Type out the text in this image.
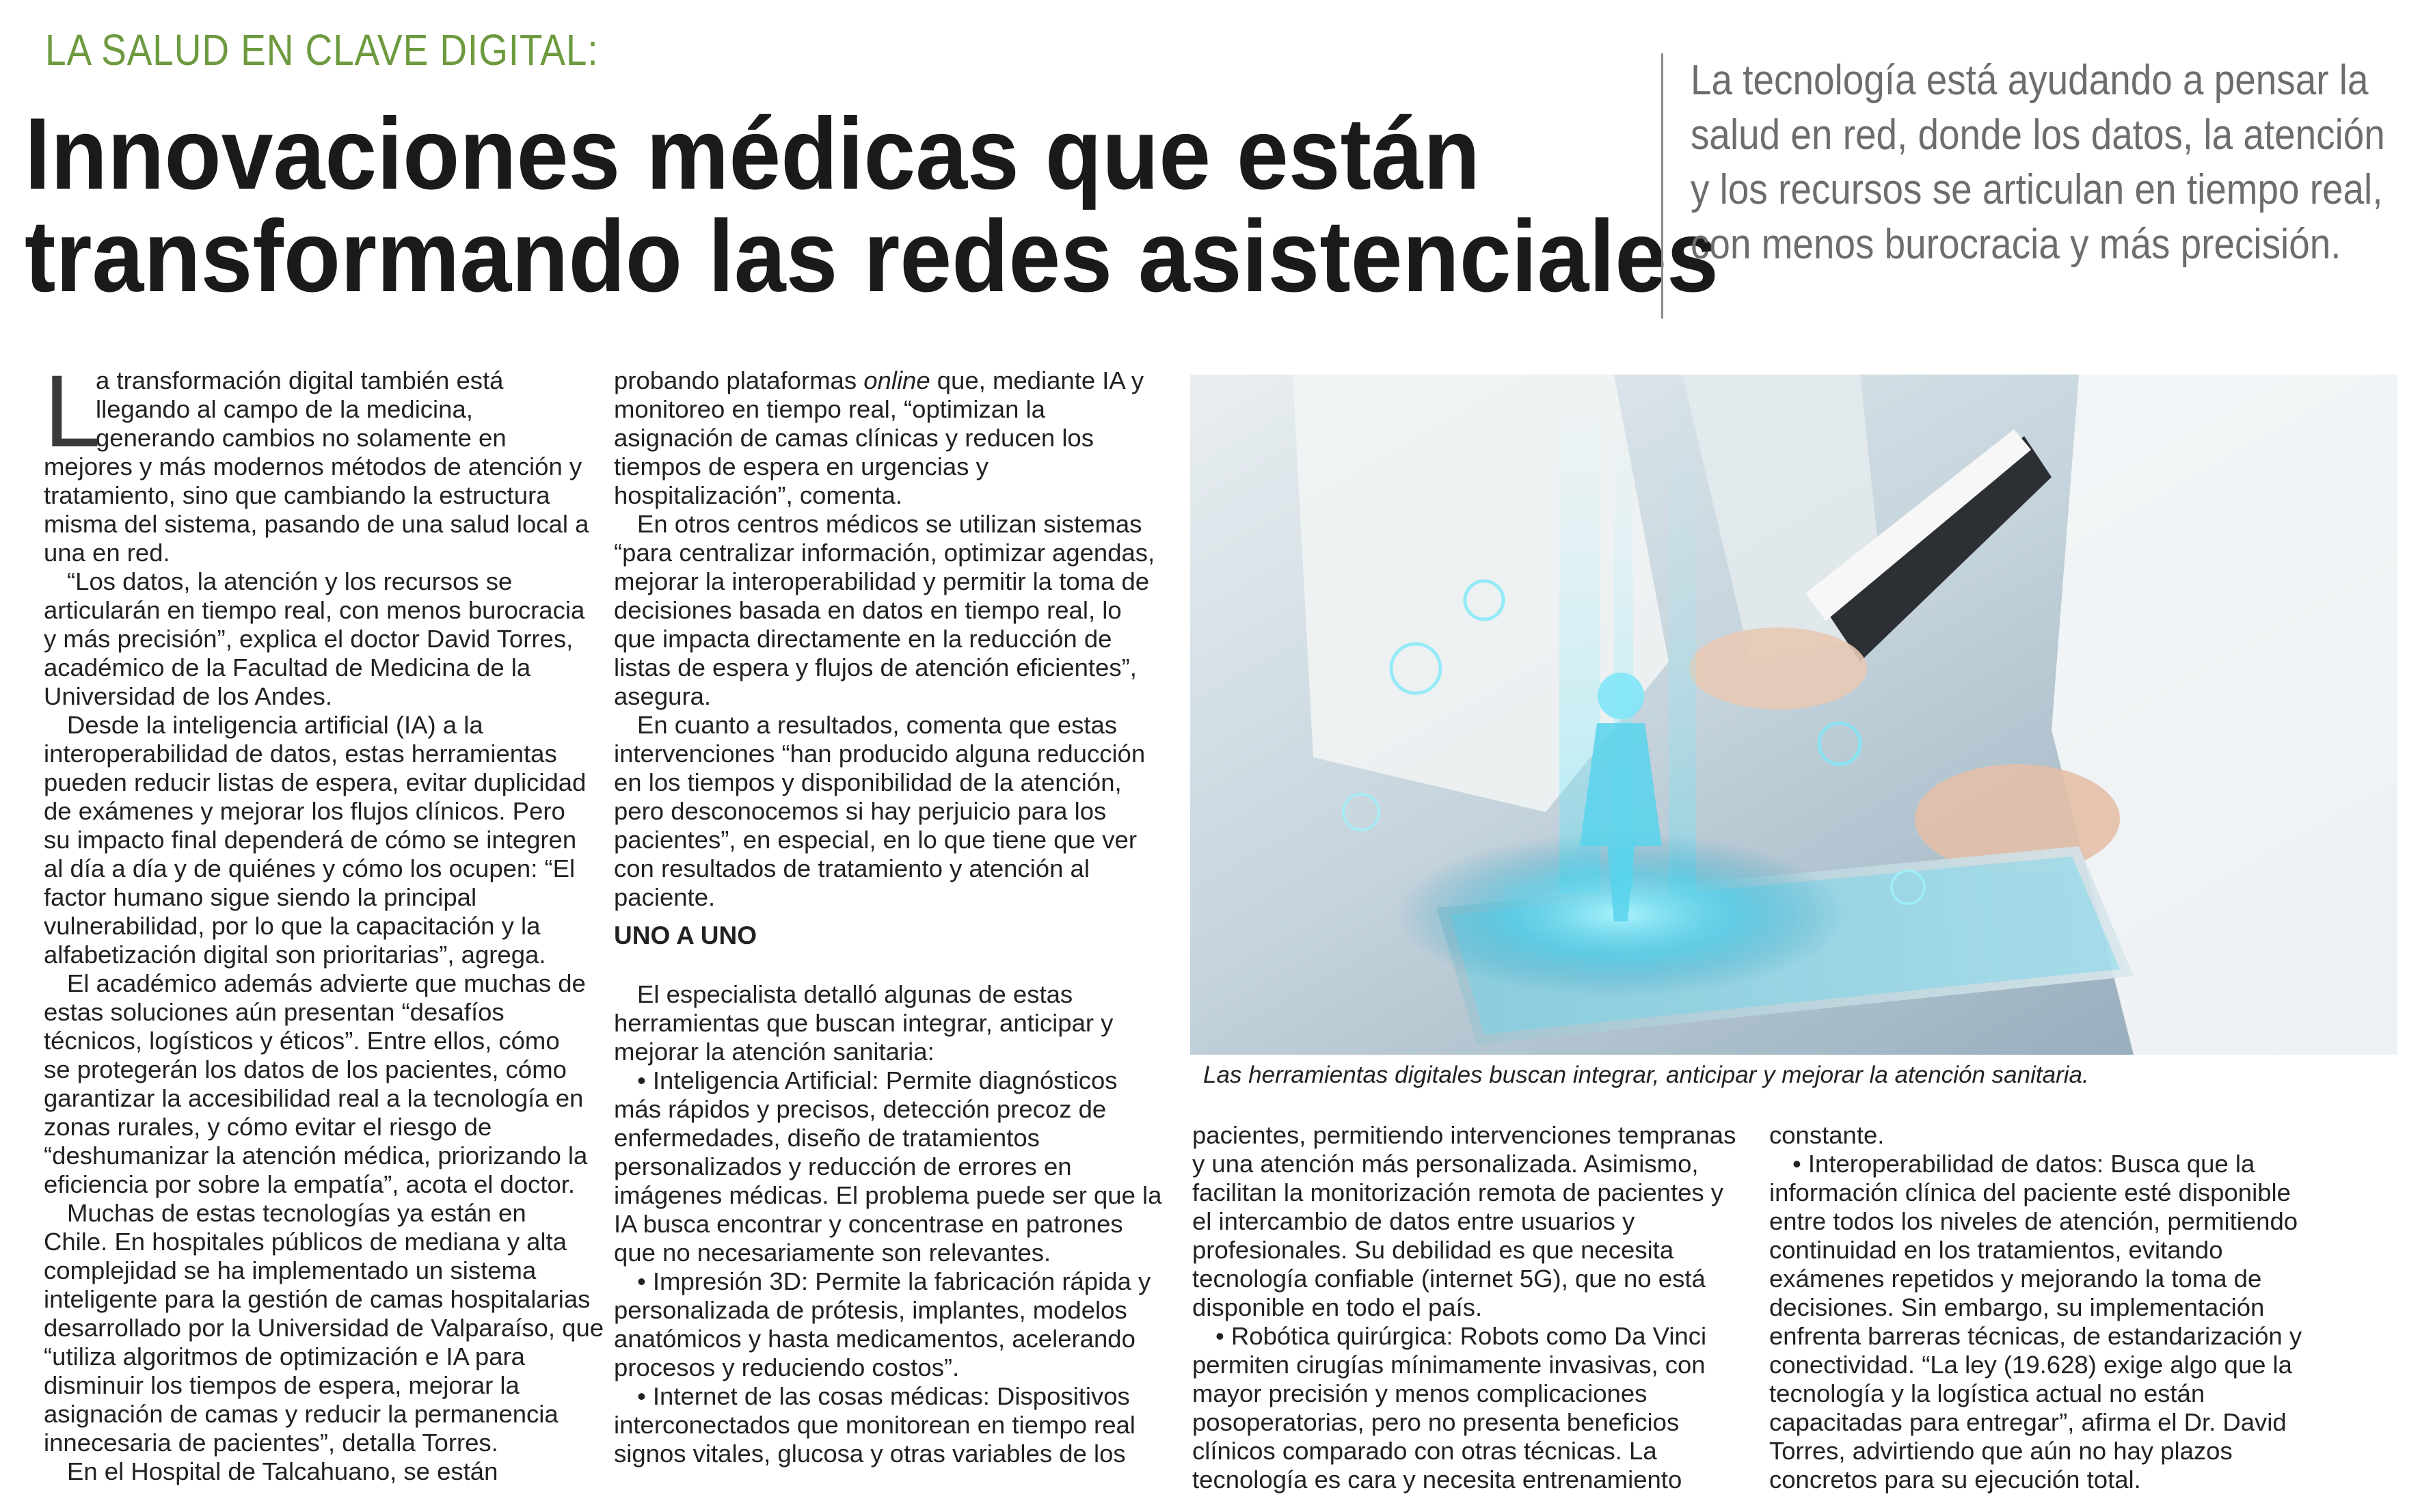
LA SALUD EN CLAVE DIGITAL:
Innovaciones médicas que están
transformando las redes asistenciales
La tecnología está ayudando a pensar la salud en red, donde los datos, la atención y los recursos se articulan en tiempo real, con menos burocracia y más precisión.
L

a transformación digital también está

llegando al campo de la medicina,

generando cambios no solamente en

mejores y más modernos métodos de atención y

tratamiento, sino que cambiando la estructura

misma del sistema, pasando de una salud local a

una en red.

“Los datos, la atención y los recursos se

articularán en tiempo real, con menos burocracia

y más precisión”, explica el doctor David Torres,

académico de la Facultad de Medicina de la

Universidad de los Andes.

Desde la inteligencia artificial (IA) a la

interoperabilidad de datos, estas herramientas

pueden reducir listas de espera, evitar duplicidad

de exámenes y mejorar los flujos clínicos. Pero

su impacto final dependerá de cómo se integren

al día a día y de quiénes y cómo los ocupen: “El

factor humano sigue siendo la principal

vulnerabilidad, por lo que la capacitación y la

alfabetización digital son prioritarias”, agrega.

El académico además advierte que muchas de

estas soluciones aún presentan “desafíos

técnicos, logísticos y éticos”. Entre ellos, cómo

se protegerán los datos de los pacientes, cómo

garantizar la accesibilidad real a la tecnología en

zonas rurales, y cómo evitar el riesgo de

“deshumanizar la atención médica, priorizando la

eficiencia por sobre la empatía”, acota el doctor.

Muchas de estas tecnologías ya están en

Chile. En hospitales públicos de mediana y alta

complejidad se ha implementado un sistema

inteligente para la gestión de camas hospitalarias

desarrollado por la Universidad de Valparaíso, que

“utiliza algoritmos de optimización e IA para

disminuir los tiempos de espera, mejorar la

asignación de camas y reducir la permanencia

innecesaria de pacientes”, detalla Torres.

En el Hospital de Talcahuano, se están

probando plataformas online que, mediante IA y

monitoreo en tiempo real, “optimizan la

asignación de camas clínicas y reducen los

tiempos de espera en urgencias y

hospitalización”, comenta.

En otros centros médicos se utilizan sistemas

“para centralizar información, optimizar agendas,

mejorar la interoperabilidad y permitir la toma de

decisiones basada en datos en tiempo real, lo

que impacta directamente en la reducción de

listas de espera y flujos de atención eficientes”,

asegura.

En cuanto a resultados, comenta que estas

intervenciones “han producido alguna reducción

en los tiempos y disponibilidad de la atención,

pero desconocemos si hay perjuicio para los

pacientes”, en especial, en lo que tiene que ver

con resultados de tratamiento y atención al

paciente.

UNO A UNO

El especialista detalló algunas de estas

herramientas que buscan integrar, anticipar y

mejorar la atención sanitaria:

• Inteligencia Artificial: Permite diagnósticos

más rápidos y precisos, detección precoz de

enfermedades, diseño de tratamientos

personalizados y reducción de errores en

imágenes médicas. El problema puede ser que la

IA busca encontrar y concentrase en patrones

que no necesariamente son relevantes.

• Impresión 3D: Permite la fabricación rápida y

personalizada de prótesis, implantes, modelos

anatómicos y hasta medicamentos, acelerando

procesos y reduciendo costos”.

• Internet de las cosas médicas: Dispositivos

interconectados que monitorean en tiempo real

signos vitales, glucosa y otras variables de los

Las herramientas digitales buscan integrar, anticipar y mejorar la atención sanitaria.

pacientes, permitiendo intervenciones tempranas

y una atención más personalizada. Asimismo,

facilitan la monitorización remota de pacientes y

el intercambio de datos entre usuarios y

profesionales. Su debilidad es que necesita

tecnología confiable (internet 5G), que no está

disponible en todo el país.

• Robótica quirúrgica: Robots como Da Vinci

permiten cirugías mínimamente invasivas, con

mayor precisión y menos complicaciones

posoperatorias, pero no presenta beneficios

clínicos comparado con otras técnicas. La

tecnología es cara y necesita entrenamiento

constante.

• Interoperabilidad de datos: Busca que la

información clínica del paciente esté disponible

entre todos los niveles de atención, permitiendo

continuidad en los tratamientos, evitando

exámenes repetidos y mejorando la toma de

decisiones. Sin embargo, su implementación

enfrenta barreras técnicas, de estandarización y

conectividad. “La ley (19.628) exige algo que la

tecnología y la logística actual no están

capacitadas para entregar”, afirma el Dr. David

Torres, advirtiendo que aún no hay plazos

concretos para su ejecución total.
